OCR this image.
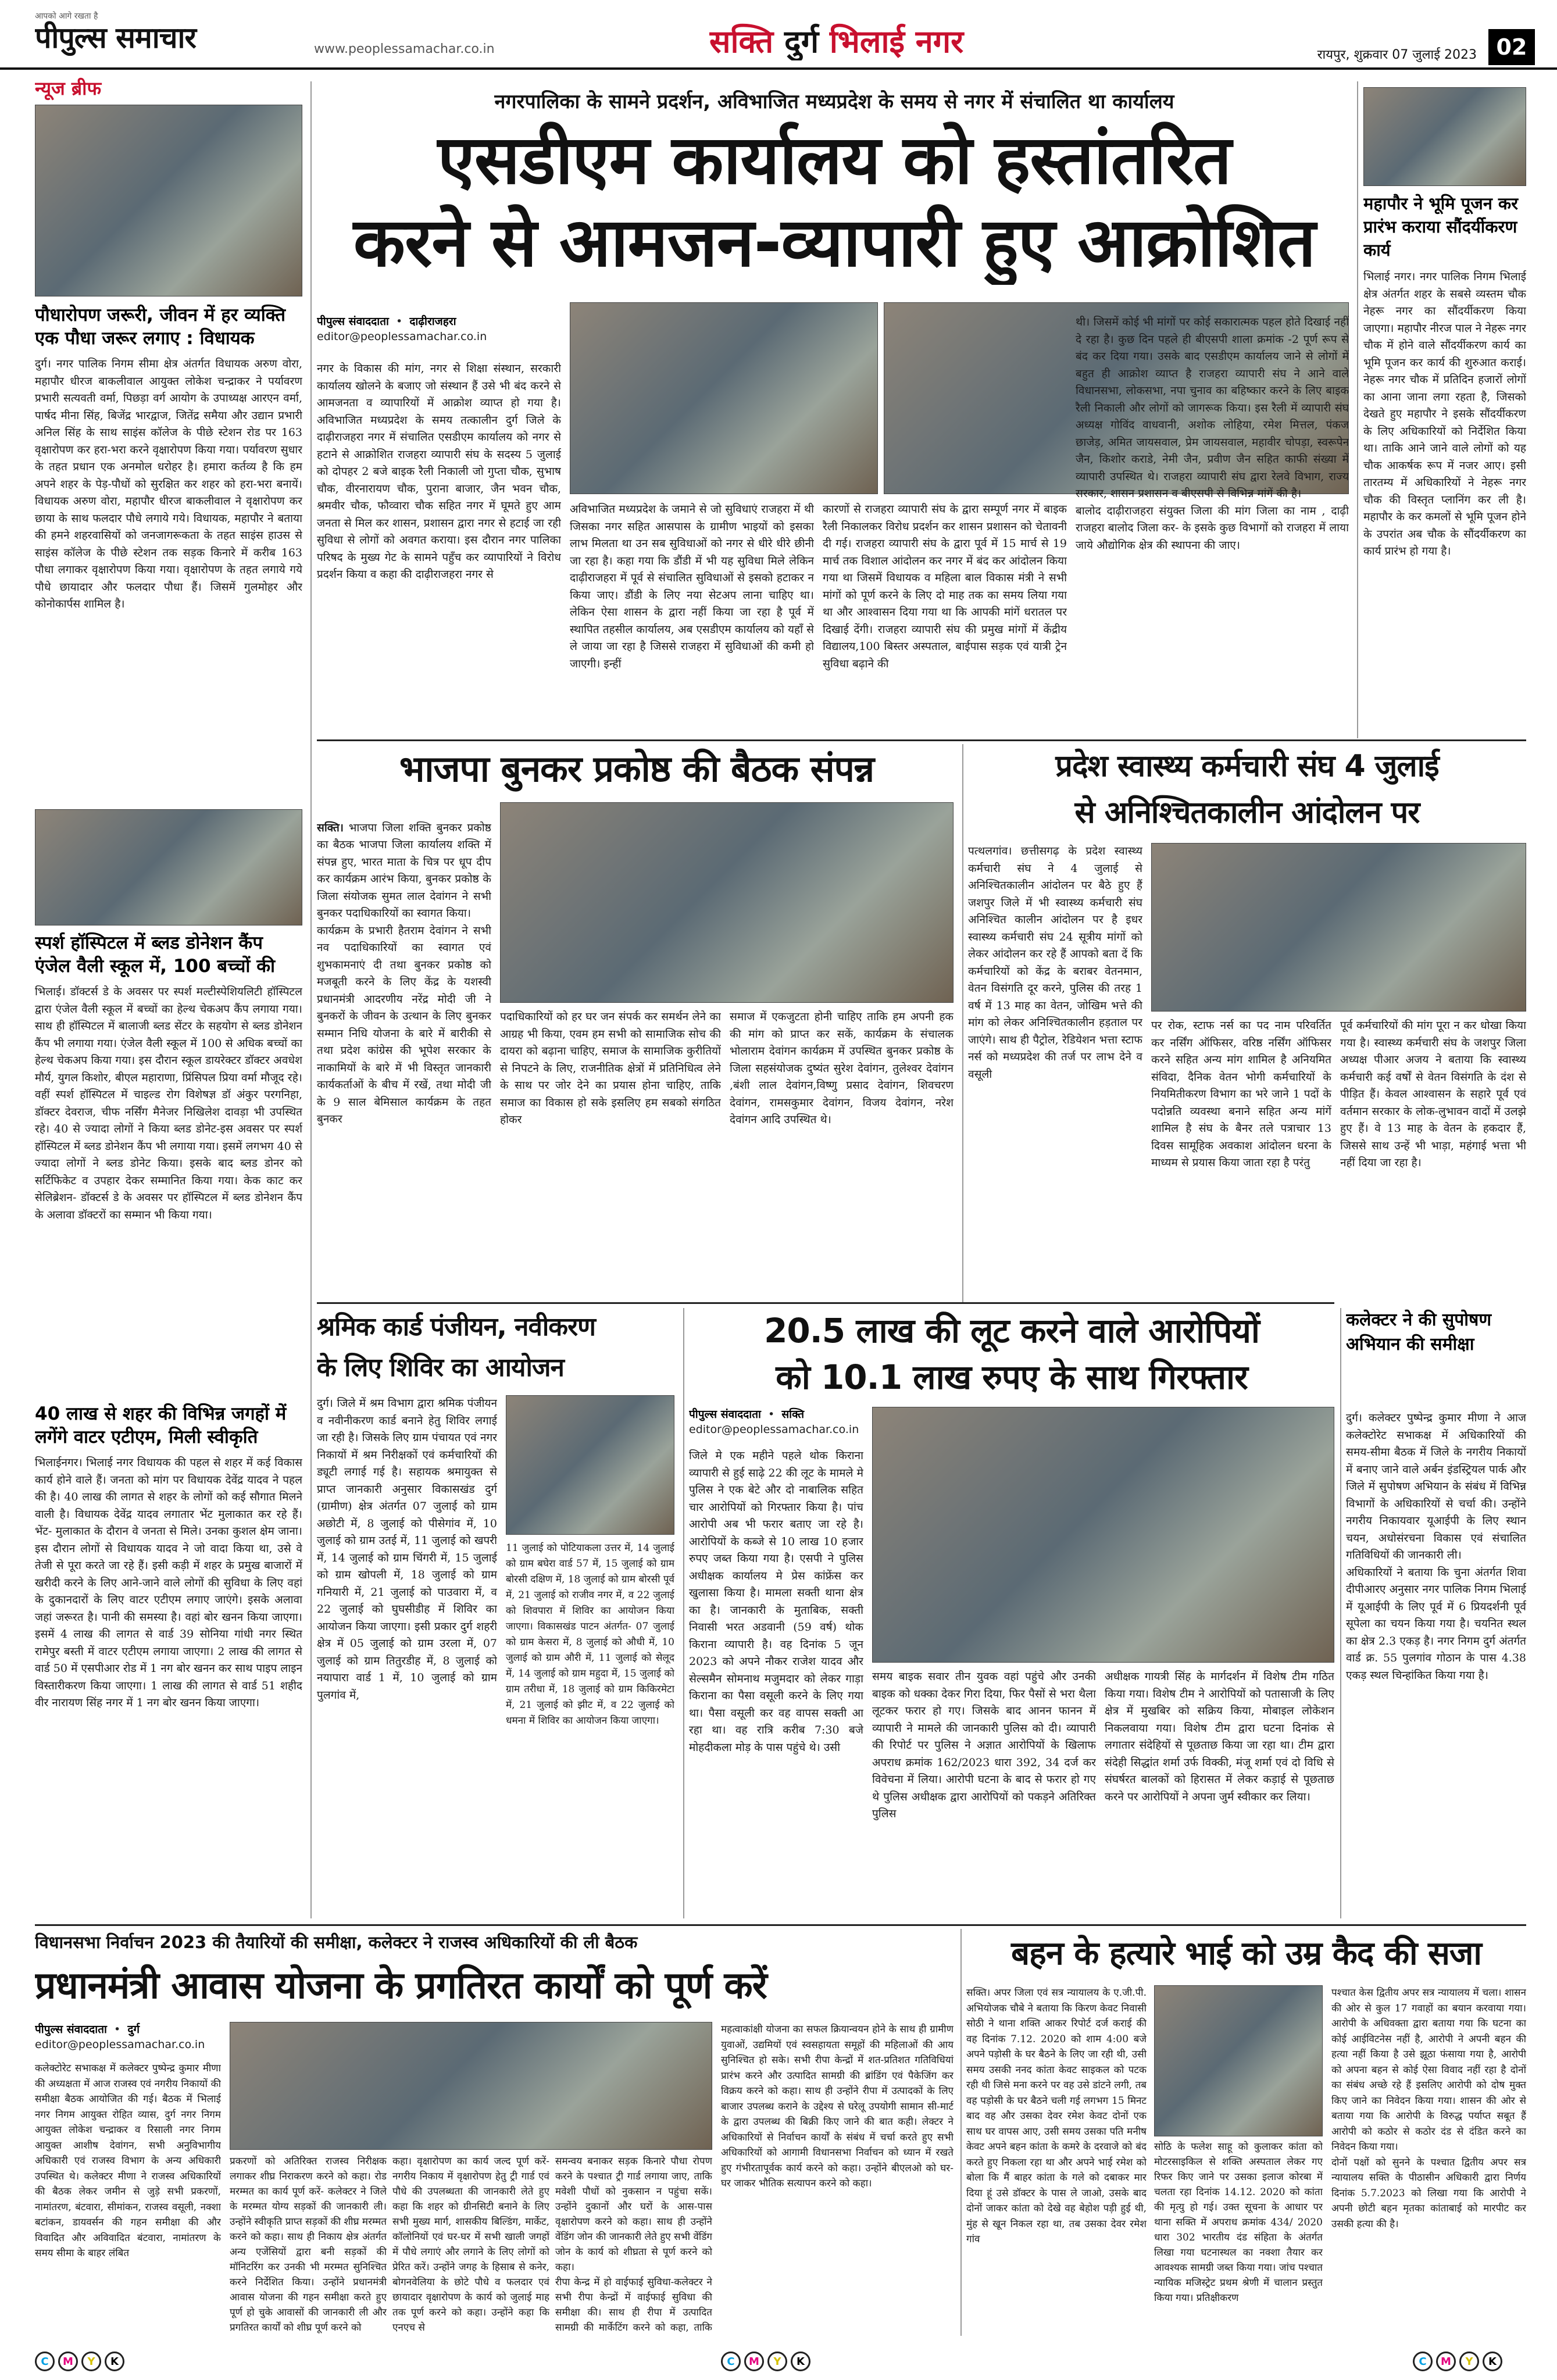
आपको आगे रखता है
पीपुल्स समाचार	www.peoplessamachar.co.in	सक्ति दुर्ग भिलाई नगर	रायपुर, शुक्रवार 07 जुलाई 2023 02
न्यूज ब्रीफ
पौधारोपण जरूरी, जीवन में हर व्यक्ति एक पौधा जरूर लगाए : विधायक
दुर्ग। नगर पालिक निगम सीमा क्षेत्र अंतर्गत विधायक अरुण वोरा, महापौर धीरज बाकलीवाल आयुक्त लोकेश चन्द्राकर ने पर्यावरण प्रभारी सत्यवती वर्मा, पिछड़ा वर्ग आयोग के उपाध्यक्ष आरएन वर्मा, पार्षद मीना सिंह, बिजेंद्र भारद्वाज, जितेंद्र समैया और उद्यान प्रभारी अनिल सिंह के साथ साइंस कॉलेज के पीछे स्टेशन रोड पर 163 वृक्षारोपण कर हरा-भरा करने वृक्षारोपण किया गया। पर्यावरण सुधार के तहत प्रधान एक अनमोल धरोहर है। हमारा कर्तव्य है कि हम अपने शहर के पेड़-पौधों को सुरक्षित कर शहर को हरा-भरा बनायें। विधायक अरुण वोरा, महापौर धीरज बाकलीवाल ने वृक्षारोपण कर छाया के साथ फलदार पौधे लगाये गये। विधायक, महापौर ने बताया की हमने शहरवासियों को जनजागरूकता के तहत साइंस हाउस से साइंस कॉलेज के पीछे स्टेशन तक सड़क किनारे में करीब 163 पौधा लगाकर वृक्षारोपण किया गया। वृक्षारोपण के तहत लगाये गये पौधे छायादार और फलदार पौधा हैं। जिसमें गुलमोहर और कोनोकार्पस शामिल है।
स्पर्श हॉस्पिटल में ब्लड डोनेशन कैंप एंजेल वैली स्कूल में, 100 बच्चों की
भिलाई। डॉक्टर्स डे के अवसर पर स्पर्श मल्टीस्पेशियलिटी हॉस्पिटल द्वारा एंजेल वैली स्कूल में बच्चों का हेल्थ चेकअप कैंप लगाया गया। साथ ही हॉस्पिटल में बालाजी ब्लड सेंटर के सहयोग से ब्लड डोनेशन कैंप भी लगाया गया। एंजेल वैली स्कूल में 100 से अधिक बच्चों का हेल्थ चेकअप किया गया। इस दौरान स्कूल डायरेक्टर डॉक्टर अवधेश मौर्य, युगल किशोर, बीएल महाराणा, प्रिंसिपल प्रिया वर्मा मौजूद रहे। वहीं स्पर्श हॉस्पिटल में चाइल्ड रोग विशेषज्ञ डॉ अंकुर परगनिहा, डॉक्टर देवराज, चीफ नर्सिंग मैनेजर निखिलेश दावड़ा भी उपस्थित रहे। 40 से ज्यादा लोगों ने किया ब्लड डोनेट-इस अवसर पर स्पर्श हॉस्पिटल में ब्लड डोनेशन कैंप भी लगाया गया। इसमें लगभग 40 से ज्यादा लोगों ने ब्लड डोनेट किया। इसके बाद ब्लड डोनर को सर्टिफिकेट व उपहार देकर सम्मानित किया गया। केक काट कर सेलिब्रेशन- डॉक्टर्स डे के अवसर पर हॉस्पिटल में ब्लड डोनेशन कैंप के अलावा डॉक्टरों का सम्मान भी किया गया।
40 लाख से शहर की विभिन्न जगहों में लगेंगे वाटर एटीएम, मिली स्वीकृति
भिलाईनगर। भिलाई नगर विधायक की पहल से शहर में कई विकास कार्य होने वाले हैं। जनता को मांग पर विधायक देवेंद्र यादव ने पहल की है। 40 लाख की लागत से शहर के लोगों को कई सौगात मिलने वाली है। विधायक देवेंद्र यादव लगातार भेंट मुलाकात कर रहे हैं। भेंट- मुलाकात के दौरान वे जनता से मिले। उनका कुशल क्षेम जाना। इस दौरान लोगों से विधायक यादव ने जो वादा किया था, उसे वे तेजी से पूरा करते जा रहे हैं। इसी कड़ी में शहर के प्रमुख बाजारों में खरीदी करने के लिए आने-जाने वाले लोगों की सुविधा के लिए वहां के दुकानदारों के लिए वाटर एटीएम लगाए जाएंगे। इसके अलावा जहां जरूरत है। पानी की समस्या है। वहां बोर खनन किया जाएगा। इसमें 4 लाख की लागत से वार्ड 39 सोनिया गांधी नगर स्थित रामेपुर बस्ती में वाटर एटीएम लगाया जाएगा। 2 लाख की लागत से वार्ड 50 में एसपीआर रोड में 1 नग बोर खनन कर साथ पाइप लाइन विस्तारीकरण किया जाएगा। 1 लाख की लागत से वार्ड 51 शहीद वीर नारायण सिंह नगर में 1 नग बोर खनन किया जाएगा।
नगरपालिका के सामने प्रदर्शन, अविभाजित मध्यप्रदेश के समय से नगर में संचालित था कार्यालय
एसडीएम कार्यालय को हस्तांतरित
करने से आमजन-व्यापारी हुए आक्रोशित
पीपुल्स संवाददाता  •  दाढ़ीराजहरा
editor@peoplessamachar.co.in
नगर के विकास की मांग, नगर से शिक्षा संस्थान, सरकारी कार्यालय खोलने के बजाए जो संस्थान हैं उसे भी बंद करने से आमजनता व व्यापारियों में आक्रोश व्याप्त हो गया है। अविभाजित मध्यप्रदेश के समय तत्कालीन दुर्ग जिले के दाढ़ीराजहरा नगर में संचालित एसडीएम कार्यालय को नगर से हटाने से आक्रोशित राजहरा व्यापारी संघ के सदस्य 5 जुलाई को दोपहर 2 बजे बाइक रैली निकाली जो गुप्ता चौक, सुभाष चौक, वीरनारायण चौक, पुराना बाजार, जैन भवन चौक, श्रमवीर चौक, फौव्वारा चौक सहित नगर में घूमते हुए आम जनता से मिल कर शासन, प्रशासन द्वारा नगर से हटाई जा रही सुविधा से लोगों को अवगत कराया। इस दौरान नगर पालिका परिषद के मुख्य गेट के सामने पहुँच कर व्यापारियों ने विरोध प्रदर्शन किया व कहा की दाढ़ीराजहरा नगर से
अविभाजित मध्यप्रदेश के जमाने से जो सुविधाएं राजहरा में थी जिसका नगर सहित आसपास के ग्रामीण भाइयों को इसका लाभ मिलता था उन सब सुविधाओं को नगर से धीरे धीरे छीनी जा रहा है। कहा गया कि डौंडी में भी यह सुविधा मिले लेकिन दाढ़ीराजहरा में पूर्व से संचालित सुविधाओं से इसको हटाकर न किया जाए। डौंडी के लिए नया सेटअप लाना चाहिए था। लेकिन ऐसा शासन के द्वारा नहीं किया जा रहा है पूर्व में स्थापित तहसील कार्यालय, अब एसडीएम कार्यालय को यहाँ से ले जाया जा रहा है जिससे राजहरा में सुविधाओं की कमी हो जाएगी। इन्हीं
कारणों से राजहरा व्यापारी संघ के द्वारा सम्पूर्ण नगर में बाइक रैली निकालकर विरोध प्रदर्शन कर शासन प्रशासन को चेतावनी दी गई। राजहरा व्यापारी संघ के द्वारा पूर्व में 15 मार्च से 19 मार्च तक विशाल आंदोलन कर नगर में बंद कर आंदोलन किया गया था जिसमें विधायक व महिला बाल विकास मंत्री ने सभी मांगों को पूर्ण करने के लिए दो माह तक का समय लिया गया था और आश्वासन दिया गया था कि आपकी मांगें धरातल पर दिखाई देंगी। राजहरा व्यापारी संघ की प्रमुख मांगों में केंद्रीय विद्यालय,100 बिस्तर अस्पताल, बाईपास सड़क एवं यात्री ट्रेन सुविधा बढ़ाने की
थी। जिसमें कोई भी मांगों पर कोई सकारात्मक पहल होते दिखाई नहीं दे रहा है। कुछ दिन पहले ही बीएसपी शाला क्रमांक -2 पूर्ण रूप से बंद कर दिया गया। उसके बाद एसडीएम कार्यालय जाने से लोगों में बहुत ही आक्रोश व्याप्त है राजहरा व्यापारी संघ ने आने वाले विधानसभा, लोकसभा, नपा चुनाव का बहिष्कार करने के लिए बाइक रैली निकाली और लोगों को जागरूक किया। इस रैली में व्यापारी संघ अध्यक्ष गोविंद वाधवानी, अशोक लोहिया, रमेश मित्तल, पंकज छाजेड़, अमित जायसवाल, प्रेम जायसवाल, महावीर चोपड़ा, स्वरूपेन जैन, किशोर कराडे, नेमी जैन, प्रवीण जैन सहित काफी संख्या में व्यापारी उपस्थित थे। राजहरा व्यापारी संघ द्वारा रेलवे विभाग, राज्य सरकार, शासन प्रशासन व बीएसपी से विभिन्न मांगें की है।
बालोद दाढ़ीराजहरा संयुक्त जिला की मांग जिला का नाम , दाढ़ी राजहरा बालोद जिला कर- के इसके कुछ विभागों को राजहरा में लाया जाये औद्योगिक क्षेत्र की स्थापना की जाए।
महापौर ने भूमि पूजन कर प्रारंभ कराया सौंदर्यीकरण कार्य
भिलाई नगर। नगर पालिक निगम भिलाई क्षेत्र अंतर्गत शहर के सबसे व्यस्तम चौक नेहरू नगर का सौंदर्यीकरण किया जाएगा। महापौर नीरज पाल ने नेहरू नगर चौक में होने वाले सौंदर्यीकरण कार्य का भूमि पूजन कर कार्य की शुरुआत कराई। नेहरू नगर चौक में प्रतिदिन हजारों लोगों का आना जाना लगा रहता है, जिसको देखते हुए महापौर ने इसके सौंदर्यीकरण के लिए अधिकारियों को निर्देशित किया था। ताकि आने जाने वाले लोगों को यह चौक आकर्षक रूप में नजर आए। इसी तारतम्य में अधिकारियों ने नेहरू नगर चौक की विस्तृत प्लानिंग कर ली है। महापौर के कर कमलों से भूमि पूजन होने के उपरांत अब चौक के सौंदर्यीकरण का कार्य प्रारंभ हो गया है।
भाजपा बुनकर प्रकोष्ठ की बैठक संपन्न

सक्ति। भाजपा जिला शक्ति बुनकर प्रकोष्ठ का बैठक भाजपा जिला कार्यालय शक्ति में संपन्न हुए, भारत माता के चित्र पर धूप दीप कर कार्यक्रम आरंभ किया, बुनकर प्रकोष्ठ के जिला संयोजक सुमत लाल देवांगन ने सभी बुनकर पदाधिकारियों का स्वागत किया।
कार्यक्रम के प्रभारी हैतराम देवांगन ने सभी नव पदाधिकारियों का स्वागत एवं शुभकामनाएं दी तथा बुनकर प्रकोष्ठ को मजबूती करने के लिए केंद्र के यशस्वी प्रधानमंत्री आदरणीय नरेंद्र मोदी जी ने बुनकरों के जीवन के उत्थान के लिए बुनकर सम्मान निधि योजना के बारे में बारीकी से तथा प्रदेश कांग्रेस की भूपेश सरकार के नाकामियों के बारे में भी विस्तृत जानकारी कार्यकर्ताओं के बीच में रखें, तथा मोदी जी के 9 साल बेमिसाल कार्यक्रम के तहत बुनकर

पदाधिकारियों को हर घर जन संपर्क कर समर्थन लेने का आग्रह भी किया, एवम हम सभी को सामाजिक सोच की दायरा को बढ़ाना चाहिए, समाज के सामाजिक कुरीतियों से निपटने के लिए, राजनीतिक क्षेत्रों में प्रतिनिधित्व लेने के साथ पर जोर देने का प्रयास होना चाहिए, ताकि समाज का विकास हो सके इसलिए हम सबको संगठित होकर
समाज में एकजुटता होनी चाहिए ताकि हम अपनी हक की मांग को प्राप्त कर सकें, कार्यक्रम के संचालक भोलाराम देवांगन कार्यक्रम में उपस्थित बुनकर प्रकोष्ठ के जिला सहसंयोजक दुष्यंत सुरेश देवांगन, तुलेश्वर देवांगन ,बंशी लाल देवांगन,विष्णु प्रसाद देवांगन, शिवचरण देवांगन, रामसकुमार देवांगन, विजय देवांगन, नरेश देवांगन आदि उपस्थित थे।
प्रदेश स्वास्थ्य कर्मचारी संघ 4 जुलाई
से अनिश्चितकालीन आंदोलन पर
पत्थलगांव। छत्तीसगढ़ के प्रदेश स्वास्थ्य कर्मचारी संघ ने 4 जुलाई से अनिश्चितकालीन आंदोलन पर बैठे हुए हैं जशपुर जिले में भी स्वास्थ्य कर्मचारी संघ अनिश्चित कालीन आंदोलन पर है इधर स्वास्थ्य कर्मचारी संघ 24 सूत्रीय मांगों को लेकर आंदोलन कर रहे हैं आपको बता दें कि कर्मचारियों को केंद्र के बराबर वेतनमान, वेतन विसंगति दूर करने, पुलिस की तरह 1 वर्ष में 13 माह का वेतन, जोखिम भत्ते की मांग को लेकर अनिश्चितकालीन हड़ताल पर जाएंगे। साथ ही पैट्रोल, रेडियेशन भत्ता स्टाफ नर्स को मध्यप्रदेश की तर्ज पर लाभ देने व वसूली
पर रोक, स्टाफ नर्स का पद नाम परिवर्तित कर नर्सिंग ऑफिसर, वरिष्ठ नर्सिंग ऑफिसर करने सहित अन्य मांग शामिल है अनियमित संविदा, दैनिक वेतन भोगी कर्मचारियों के नियमितीकरण विभाग का भरे जाने 1 पदों के पदोन्नति व्यवस्था बनाने सहित अन्य मांगें शामिल है संघ के बैनर तले पत्राचार 13 दिवस सामूहिक अवकाश आंदोलन धरना के माध्यम से प्रयास किया जाता रहा है परंतु
पूर्व कर्मचारियों की मांग पूरा न कर धोखा किया गया है। स्वास्थ्य कर्मचारी संघ के जशपुर जिला अध्यक्ष पीआर अजय ने बताया कि स्वास्थ्य कर्मचारी कई वर्षों से वेतन विसंगति के दंश से पीड़ित हैं। केवल आश्वासन के सहारे पूर्व एवं वर्तमान सरकार के लोक-लुभावन वादों में उलझे हुए हैं। वे 13 माह के वेतन के हकदार हैं, जिससे साथ उन्हें भी भाड़ा, महंगाई भत्ता भी नहीं दिया जा रहा है।
श्रमिक कार्ड पंजीयन, नवीकरण
के लिए शिविर का आयोजन
दुर्ग। जिले में श्रम विभाग द्वारा श्रमिक पंजीयन व नवीनीकरण कार्ड बनाने हेतु शिविर लगाई जा रही है। जिसके लिए ग्राम पंचायत एवं नगर निकायों में श्रम निरीक्षकों एवं कर्मचारियों की ड्यूटी लगाई गई है। सहायक श्रमायुक्त से प्राप्त जानकारी अनुसार विकासखंड दुर्ग (ग्रामीण) क्षेत्र अंतर्गत 07 जुलाई को ग्राम अछोटी में, 8 जुलाई को पीसेगांव में, 10 जुलाई को ग्राम उतई में, 11 जुलाई को खपरी में, 14 जुलाई को ग्राम चिंगरी में, 15 जुलाई को ग्राम खोपली में, 18 जुलाई को ग्राम गनियारी में, 21 जुलाई को पाउवारा में, व 22 जुलाई को घुघसीडीह में शिविर का आयोजन किया जाएगा। इसी प्रकार दुर्ग शहरी क्षेत्र में 05 जुलाई को ग्राम उरला में, 07 जुलाई को ग्राम तितुरडीह में, 8 जुलाई को नयापारा वार्ड 1 में, 10 जुलाई को ग्राम पुलगांव में,
11 जुलाई को पोटियाकला उत्तर में, 14 जुलाई को ग्राम बघेरा वार्ड 57 में, 15 जुलाई को ग्राम बोरसी दक्षिण में, 18 जुलाई को ग्राम बोरसी पूर्व में, 21 जुलाई को राजीव नगर में, व 22 जुलाई को शिवपारा में शिविर का आयोजन किया जाएगा। विकासखंड पाटन अंतर्गत- 07 जुलाई को ग्राम केसरा में, 8 जुलाई को औधी में, 10 जुलाई को ग्राम औरी में, 11 जुलाई को सेलूद में, 14 जुलाई को ग्राम महुदा में, 15 जुलाई को ग्राम तरीधा में, 18 जुलाई को ग्राम किकिरमेटा में, 21 जुलाई को झीट में, व 22 जुलाई को धमना में शिविर का आयोजन किया जाएगा।
20.5 लाख की लूट करने वाले आरोपियों
को 10.1 लाख रुपए के साथ गिरफ्तार
पीपुल्स संवाददाता  •  सक्ति
editor@peoplessamachar.co.in
जिले मे एक महीने पहले थोक किराना व्यापारी से हुई साढ़े 22 की लूट के मामले मे पुलिस ने एक बेटे और दो नाबालिक सहित चार आरोपियों को गिरफ्तार किया है। पांच आरोपी अब भी फरार बताए जा रहे है। आरोपियों के कब्जे से 10 लाख 10 हजार रुपए जब्त किया गया है। एसपी ने पुलिस अधीक्षक कार्यालय मे प्रेस कांफ्रेंस कर खुलासा किया है। मामला सक्ती थाना क्षेत्र का है। जानकारी के मुताबिक, सक्ती निवासी भरत अडवानी (59 वर्ष) थोक किराना व्यापारी है। वह दिनांक 5 जून 2023 को अपने नौकर राजेश यादव और सेल्समैन सोमनाथ मजुमदार को लेकर गाड़ा किराना का पैसा वसूली करने के लिए गया था। पैसा वसूली कर वह वापस सक्ती आ रहा था। वह रात्रि करीब 7:30 बजे मोहदीकला मोड़ के पास पहुंचे थे। उसी
समय बाइक सवार तीन युवक वहां पहुंचे और उनकी बाइक को धक्का देकर गिरा दिया, फिर पैसों से भरा थैला लूटकर फरार हो गए। जिसके बाद आनन फानन में व्यापारी ने मामले की जानकारी पुलिस को दी। व्यापारी की रिपोर्ट पर पुलिस ने अज्ञात आरोपियों के खिलाफ अपराध क्रमांक 162/2023 धारा 392, 34 दर्ज कर विवेचना में लिया। आरोपी घटना के बाद से फरार हो गए थे पुलिस अधीक्षक द्वारा आरोपियों को पकड़ने अतिरिक्त पुलिस
अधीक्षक गायत्री सिंह के मार्गदर्शन में विशेष टीम गठित किया गया। विशेष टीम ने आरोपियों को पतासाजी के लिए क्षेत्र में मुखबिर को सक्रिय किया, मोबाइल लोकेशन निकलवाया गया। विशेष टीम द्वारा घटना दिनांक से लगातार संदेहियों से पूछताछ किया जा रहा था। टीम द्वारा संदेही सिद्धांत शर्मा उर्फ विक्की, मंजू शर्मा एवं दो विधि से संघर्षरत बालकों को हिरासत में लेकर कड़ाई से पूछताछ करने पर आरोपियों ने अपना जुर्म स्वीकार कर लिया।
कलेक्टर ने की सुपोषण अभियान की समीक्षा
दुर्ग। कलेक्टर पुष्पेन्द्र कुमार मीणा ने आज कलेक्टोरेट सभाकक्ष में अधिकारियों की समय-सीमा बैठक में जिले के नगरीय निकायों में बनाए जाने वाले अर्बन इंडस्ट्रियल पार्क और जिले में सुपोषण अभियान के संबंध में विभिन्न विभागों के अधिकारियों से चर्चा की। उन्होंने नगरीय निकायवार यूआईपी के लिए स्थान चयन, अधोसंरचना विकास एवं संचालित गतिविधियों की जानकारी ली।
अधिकारियों ने बताया कि चुना अंतर्गत शिवा दीपीआरए अनुसार नगर पालिक निगम भिलाई में यूआईपी के लिए पूर्व में 6 प्रियदर्शनी पूर्व सूपेला का चयन किया गया है। चयनित स्थल का क्षेत्र 2.3 एकड़ है। नगर निगम दुर्ग अंतर्गत वार्ड क्र. 55 पुलगांव गोठान के पास 4.38 एकड़ स्थल चिन्हांकित किया गया है।
विधानसभा निर्वाचन 2023 की तैयारियों की समीक्षा, कलेक्टर ने राजस्व अधिकारियों की ली बैठक
प्रधानमंत्री आवास योजना के प्रगतिरत कार्यों को पूर्ण करें
पीपुल्स संवाददाता  •  दुर्ग
editor@peoplessamachar.co.in
कलेक्टोरेट सभाकक्ष में कलेक्टर पुष्पेन्द्र कुमार मीणा की अध्यक्षता में आज राजस्व एवं नगरीय निकायों की समीक्षा बैठक आयोजित की गई। बैठक में भिलाई नगर निगम आयुक्त रोहित व्यास, दुर्ग नगर निगम आयुक्त लोकेश चन्द्राकर व रिसाली नगर निगम आयुक्त आशीष देवांगन, सभी अनुविभागीय अधिकारी एवं राजस्व विभाग के अन्य अधिकारी उपस्थित थे। कलेक्टर मीणा ने राजस्व अधिकारियों की बैठक लेकर जमीन से जुड़े सभी प्रकरणों, नामांतरण, बंटवारा, सीमांकन, राजस्व वसूली, नक्शा बटांकन, डायवर्सन की गहन समीक्षा की और विवादित और अविवादित बंटवारा, नामांतरण के समय सीमा के बाहर लंबित
प्रकरणों को अतिरिक्त राजस्व निरीक्षक लगाकर शीघ्र निराकरण करने को कहा। रोड मरम्मत का कार्य पूर्ण करें- कलेक्टर ने जिले के मरम्मत योग्य सड़कों की जानकारी ली। उन्होंने स्वीकृति प्राप्त सड़कों की शीघ्र मरम्मत करने को कहा। साथ ही निकाय क्षेत्र अंतर्गत अन्य एजेंसियों द्वारा बनी सड़कों की मॉनिटरिंग कर उनकी भी मरम्मत सुनिश्चित करने निर्देशित किया। उन्होंने प्रधानमंत्री आवास योजना की गहन समीक्षा करते हुए पूर्ण हो चुके आवासों की जानकारी ली और प्रगतिरत कार्यों को शीघ्र पूर्ण करने को
कहा। वृक्षारोपण का कार्य जल्द पूर्ण करें- नगरीय निकाय में वृक्षारोपण हेतु ट्री गार्ड एवं पौधे की उपलब्धता की जानकारी लेते हुए कहा कि शहर को ग्रीनसिटी बनाने के लिए सभी मुख्य मार्ग, शासकीय बिल्डिंग, मार्केट, कॉलोनियों एवं घर-घर में सभी खाली जगहों में पौधे लगाएं और लगाने के लिए लोगों को प्रेरित करें। उन्होंने जगह के हिसाब से कनेर, बोगनवेलिया के छोटे पौधे व फलदार एवं छायादार वृक्षारोपण के कार्य को जुलाई माह तक पूर्ण करने को कहा। उन्होंने कहा कि एनएच से
समन्वय बनाकर सड़क किनारे पौधा रोपण करने के पश्चात ट्री गार्ड लगाया जाए, ताकि मवेशी पौधों को नुकसान न पहुंचा सकें। उन्होंने दुकानों और घरों के आस-पास वृक्षारोपण करने को कहा। साथ ही उन्होंने वेंडिंग जोन की जानकारी लेते हुए सभी वेंडिंग जोन के कार्य को शीघ्रता से पूर्ण करने को कहा।
रीपा केन्द्र में हो वाईफाई सुविधा-कलेक्टर ने सभी रीपा केन्द्रों में वाईफाई सुविधा की समीक्षा की। साथ ही रीपा में उत्पादित सामग्री की मार्केटिंग करने को कहा, ताकि
महत्वाकांक्षी योजना का सफल क्रियान्वयन होने के साथ ही ग्रामीण युवाओं, उद्यमियों एवं स्वसहायता समूहों की महिलाओं की आय सुनिश्चित हो सके। सभी रीपा केन्द्रों में शत-प्रतिशत गतिविधियां प्रारंभ करने और उत्पादित सामग्री की ब्रांडिंग एवं पैकेजिंग कर विक्रय करने को कहा। साथ ही उन्होंने रीपा में उत्पादकों के लिए बाजार उपलब्ध कराने के उद्देश्य से घरेलू उपयोगी सामान सी-मार्ट के द्वारा उपलब्ध की बिक्री किए जाने की बात कही। लेक्टर ने अधिकारियों से निर्वाचन कार्यों के संबंध में चर्चा करते हुए सभी अधिकारियों को आगामी विधानसभा निर्वाचन को ध्यान में रखते हुए गंभीरतापूर्वक कार्य करने को कहा। उन्होंने बीएलओ को घर-घर जाकर भौतिक सत्यापन करने को कहा।
बहन के हत्यारे भाई को उम्र कैद की सजा
सक्ति। अपर जिला एवं सत्र न्यायालय के ए.जी.पी. अभियोजक चौबे ने बताया कि किरण केवट निवासी सोठी ने थाना शक्ति आकर रिपोर्ट दर्ज कराई की वह दिनांक 7.12. 2020 को शाम 4:00 बजे अपने पड़ोसी के घर बैठने के लिए जा रही थी, उसी समय उसकी ननद कांता केवट साइकल को पटक रही थी जिसे मना करने पर वह उसे डांटने लगी, तब वह पड़ोसी के घर बैठने चली गई लगभग 15 मिनट बाद वह और उसका देवर रमेश केवट दोनों एक साथ घर वापस आए, उसी समय उसका पति मनीष केवट अपने बहन कांता के कमरे के दरवाजे को बंद करते हुए निकला रहा था और अपने भाई रमेश को बोला कि मैं बाहर कांता के गले को दबाकर मार दिया हूं उसे डॉक्टर के पास ले जाओ, उसके बाद दोनों जाकर कांता को देखे वह बेहोश पड़ी हुई थी, मुंह से खून निकल रहा था, तब उसका देवर रमेश गांव
सोठि के फलेश साहू को कुलाकर कांता को मोटरसाइकिल से शक्ति अस्पताल लेकर गए रिफर किए जाने पर उसका इलाज कोरबा में चलता रहा दिनांक 14.12. 2020 को कांता की मृत्यु हो गई। उक्त सूचना के आधार पर थाना सक्ति में अपराध क्रमांक 434/ 2020 धारा 302 भारतीय दंड संहिता के अंतर्गत लिखा गया घटनास्थल का नक्शा तैयार कर आवश्यक सामग्री जब्त किया गया। जांच पश्चात न्यायिक मजिस्ट्रेट प्रथम श्रेणी में चालान प्रस्तुत किया गया। प्रतिक्षीकरण
पश्चात केस द्वितीय अपर सत्र न्यायालय में चला। शासन की ओर से कुल 17 गवाहों का बयान करवाया गया। आरोपी के अधिवक्ता द्वारा बताया गया कि घटना का कोई आईविटनेस नहीं है, आरोपी ने अपनी बहन की हत्या नहीं किया है उसे झूठा फंसाया गया है, आरोपी को अपना बहन से कोई ऐसा विवाद नहीं रहा है दोनों का संबंध अच्छे रहे हैं इसलिए आरोपी को दोष मुक्त किए जाने का निवेदन किया गया। शासन की ओर से बताया गया कि आरोपी के विरुद्ध पर्याप्त सबूत हैं आरोपी को कठोर से कठोर दंड से दंडित करने का निवेदन किया गया।
दोनों पक्षों को सुनने के पश्चात द्वितीय अपर सत्र न्यायालय सक्ति के पीठासीन अधिकारी द्वारा निर्णय दिनांक 5.7.2023 को लिखा गया कि आरोपी ने अपनी छोटी बहन मृतका कांताबाई को मारपीट कर उसकी हत्या की है।
C	M	Y	K	C	M	Y	K	C	M	Y	K
